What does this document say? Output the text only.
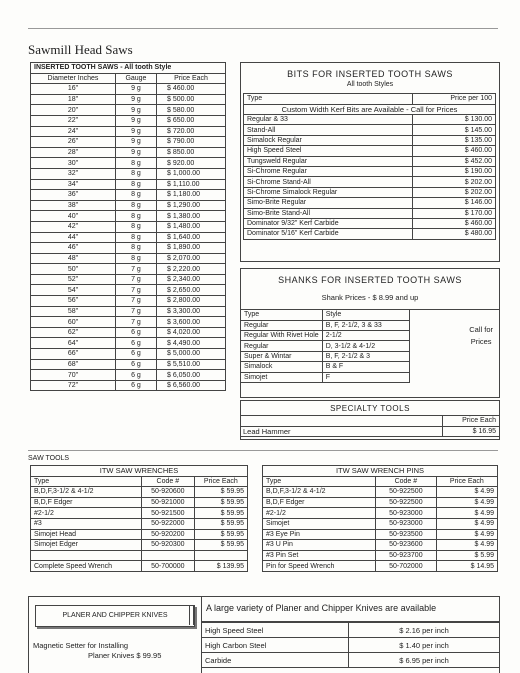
Sawmill Head Saws
INSERTED TOOTH SAWS - All tooth Style		
Diameter Inches	Gauge	Price Each
16"	9 g	$ 460.00
18"	9 g	$ 500.00
20"	9 g	$ 580.00
22"	9 g	$ 650.00
24"	9 g	$ 720.00
26"	9 g	$ 790.00
28"	9 g	$ 850.00
30"	8 g	$ 920.00
32"	8 g	$ 1,000.00
34"	8 g	$ 1,110.00
36"	8 g	$ 1,180.00
38"	8 g	$ 1,290.00
40"	8 g	$ 1,380.00
42"	8 g	$ 1,480.00
44"	8 g	$ 1,640.00
46"	8 g	$ 1,890.00
48"	8 g	$ 2,070.00
50"	7 g	$ 2,220.00
52"	7 g	$ 2,340.00
54"	7 g	$ 2,650.00
56"	7 g	$ 2,800.00
58"	7 g	$ 3,300.00
60"	7 g	$ 3,600.00
62"	6 g	$ 4,020.00
64"	6 g	$ 4,490.00
66"	6 g	$ 5,000.00
68"	6 g	$ 5,510.00
70"	6 g	$ 6,050.00
72"	6 g	$ 6,560.00
BITS FOR INSERTED TOOTH SAWS
All tooth Styles
Type	Price per 100
Custom Width Kerf Bits are Available - Call for Prices	
Regular & 33	$ 130.00
Stand-All	$ 145.00
Simalock Regular	$ 135.00
High Speed Steel	$ 460.00
Tungsweld Regular	$ 452.00
Si-Chrome Regular	$ 190.00
Si-Chrome Stand-All	$ 202.00
Si-Chrome Simalock Regular	$ 202.00
Simo-Brite Regular	$ 146.00
Simo-Brite Stand-All	$ 170.00
Dominator 9/32" Kerf Carbide	$ 460.00
Dominator 5/16" Kerf Carbide	$ 480.00
SHANKS FOR INSERTED TOOTH SAWS
Shank Prices - $ 8.99 and up
Type	Style	
Regular	B, F, 2-1/2, 3 & 33	
Regular With Rivet Hole	2-1/2	
Regular	D, 3-1/2 & 4-1/2	
Super & Wintar	B, F, 2-1/2 & 3	
Simalock	B & F	
Simojet	F	
Call for
Prices
SPECIALTY TOOLS
	Price Each
Lead Hammer	$ 16.95
SAW TOOLS
ITW SAW WRENCHES		
Type	Code #	Price Each
B,D,F,3-1/2 & 4-1/2	50-920600	$ 59.95
B,D,F Edger	50-921000	$ 59.95
#2-1/2	50-921500	$ 59.95
#3	50-922000	$ 59.95
Simojet Head	50-920200	$ 59.95
Simojet Edger	50-920300	$ 59.95

Complete Speed Wrench	50-700000	$ 139.95
ITW SAW WRENCH PINS		
Type	Code #	Price Each
B,D,F,3-1/2 & 4-1/2	50-922500	$ 4.99
B,D,F Edger	50-922500	$ 4.99
#2-1/2	50-923000	$ 4.99
Simojet	50-923000	$ 4.99
#3 Eye Pin	50-923500	$ 4.99
#3 U Pin	50-923600	$ 4.99
#3 Pin Set	50-923700	$ 5.99
Pin for Speed Wrench	50-702000	$ 14.95
PLANER AND CHIPPER KNIVES
Magnetic Setter for Installing
Planer Knives $ 99.95
A large variety of Planer and Chipper Knives are available
High Speed Steel	$ 2.16 per inch
High Carbon Steel	$ 1.40 per inch
Carbide	$ 6.95 per inch
